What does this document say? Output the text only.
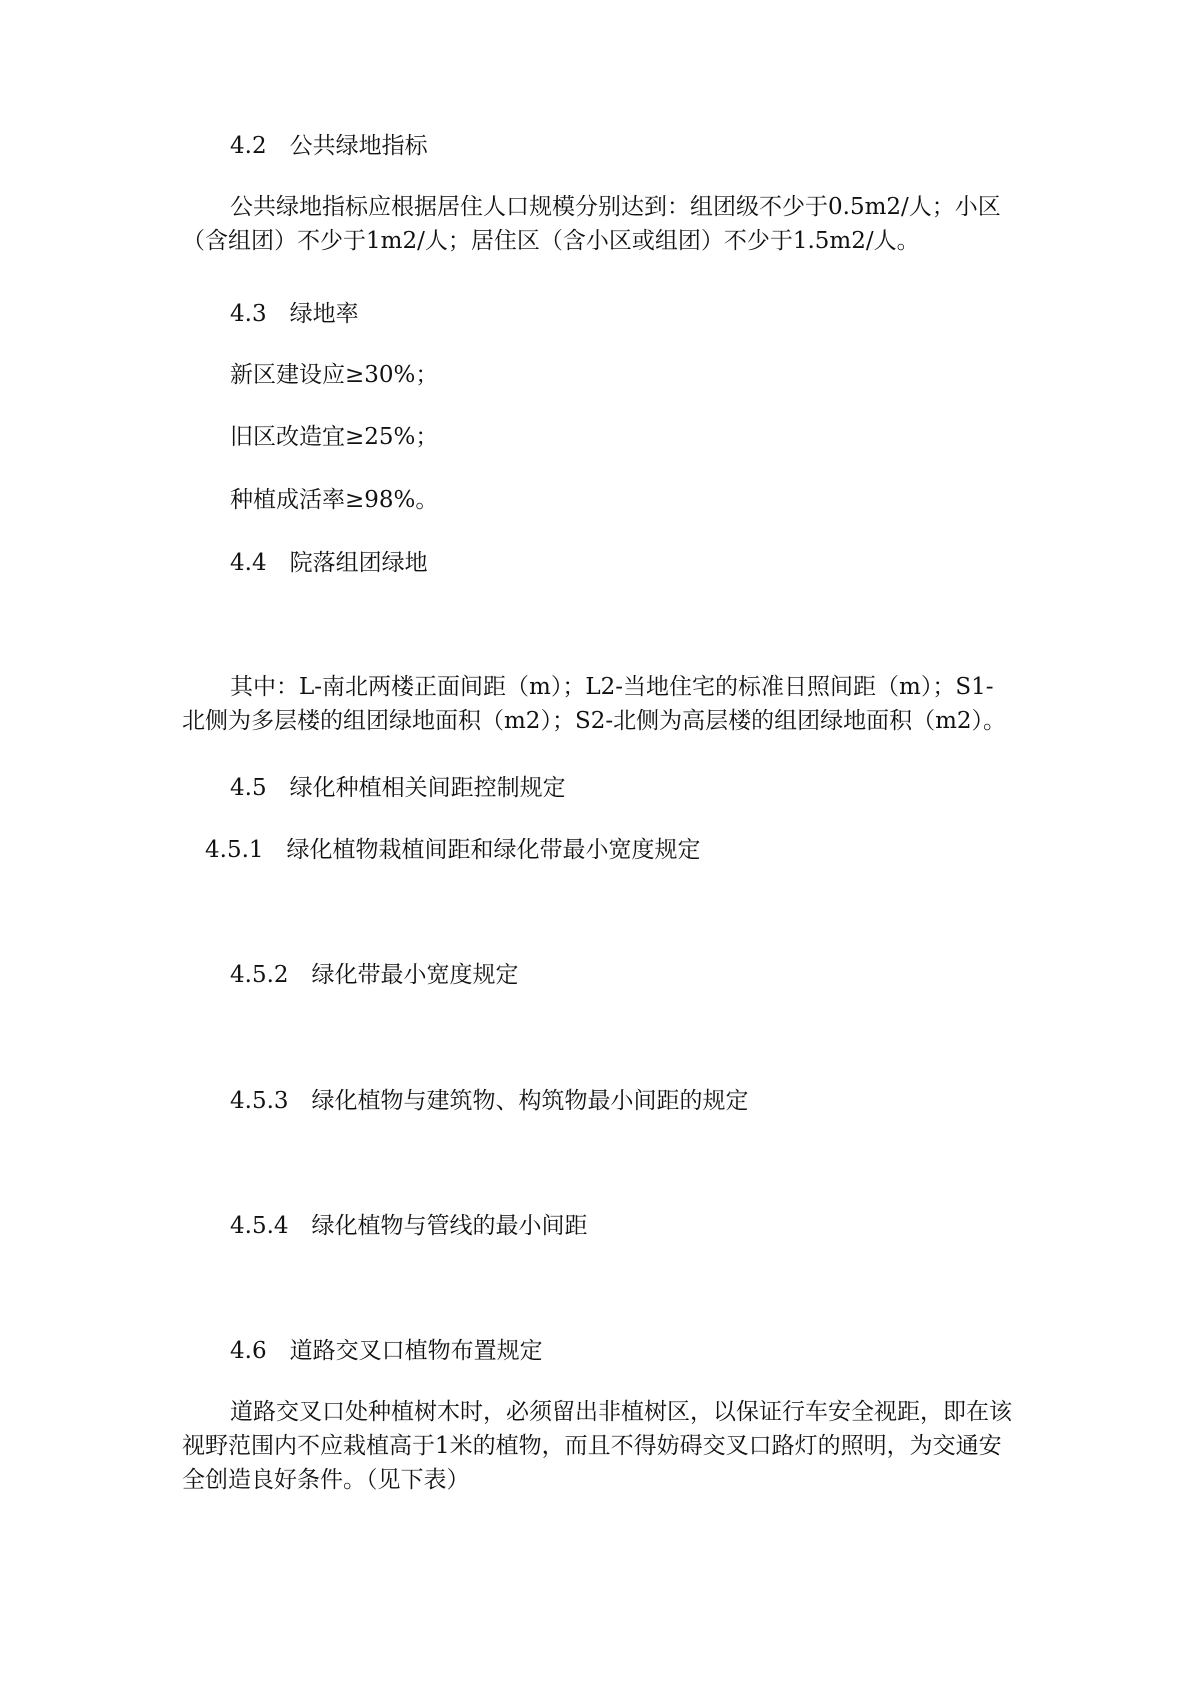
4.2　公共绿地指标
公共绿地指标应根据居住人口规模分别达到：组团级不少于0.5m2/人；小区（含组团）不少于1m2/人；居住区（含小区或组团）不少于1.5m2/人。
4.3　绿地率
新区建设应≥30%；
旧区改造宜≥25%；
种植成活率≥98%。
4.4　院落组团绿地
其中：L-南北两楼正面间距（m）；L2-当地住宅的标准日照间距（m）；S1-北侧为多层楼的组团绿地面积（m2）；S2-北侧为高层楼的组团绿地面积（m2）。
4.5　绿化种植相关间距控制规定
4.5.1　绿化植物栽植间距和绿化带最小宽度规定
4.5.2　绿化带最小宽度规定
4.5.3　绿化植物与建筑物、构筑物最小间距的规定
4.5.4　绿化植物与管线的最小间距
4.6　道路交叉口植物布置规定
道路交叉口处种植树木时，必须留出非植树区，以保证行车安全视距，即在该视野范围内不应栽植高于1米的植物，而且不得妨碍交叉口路灯的照明，为交通安全创造良好条件。（见下表）
